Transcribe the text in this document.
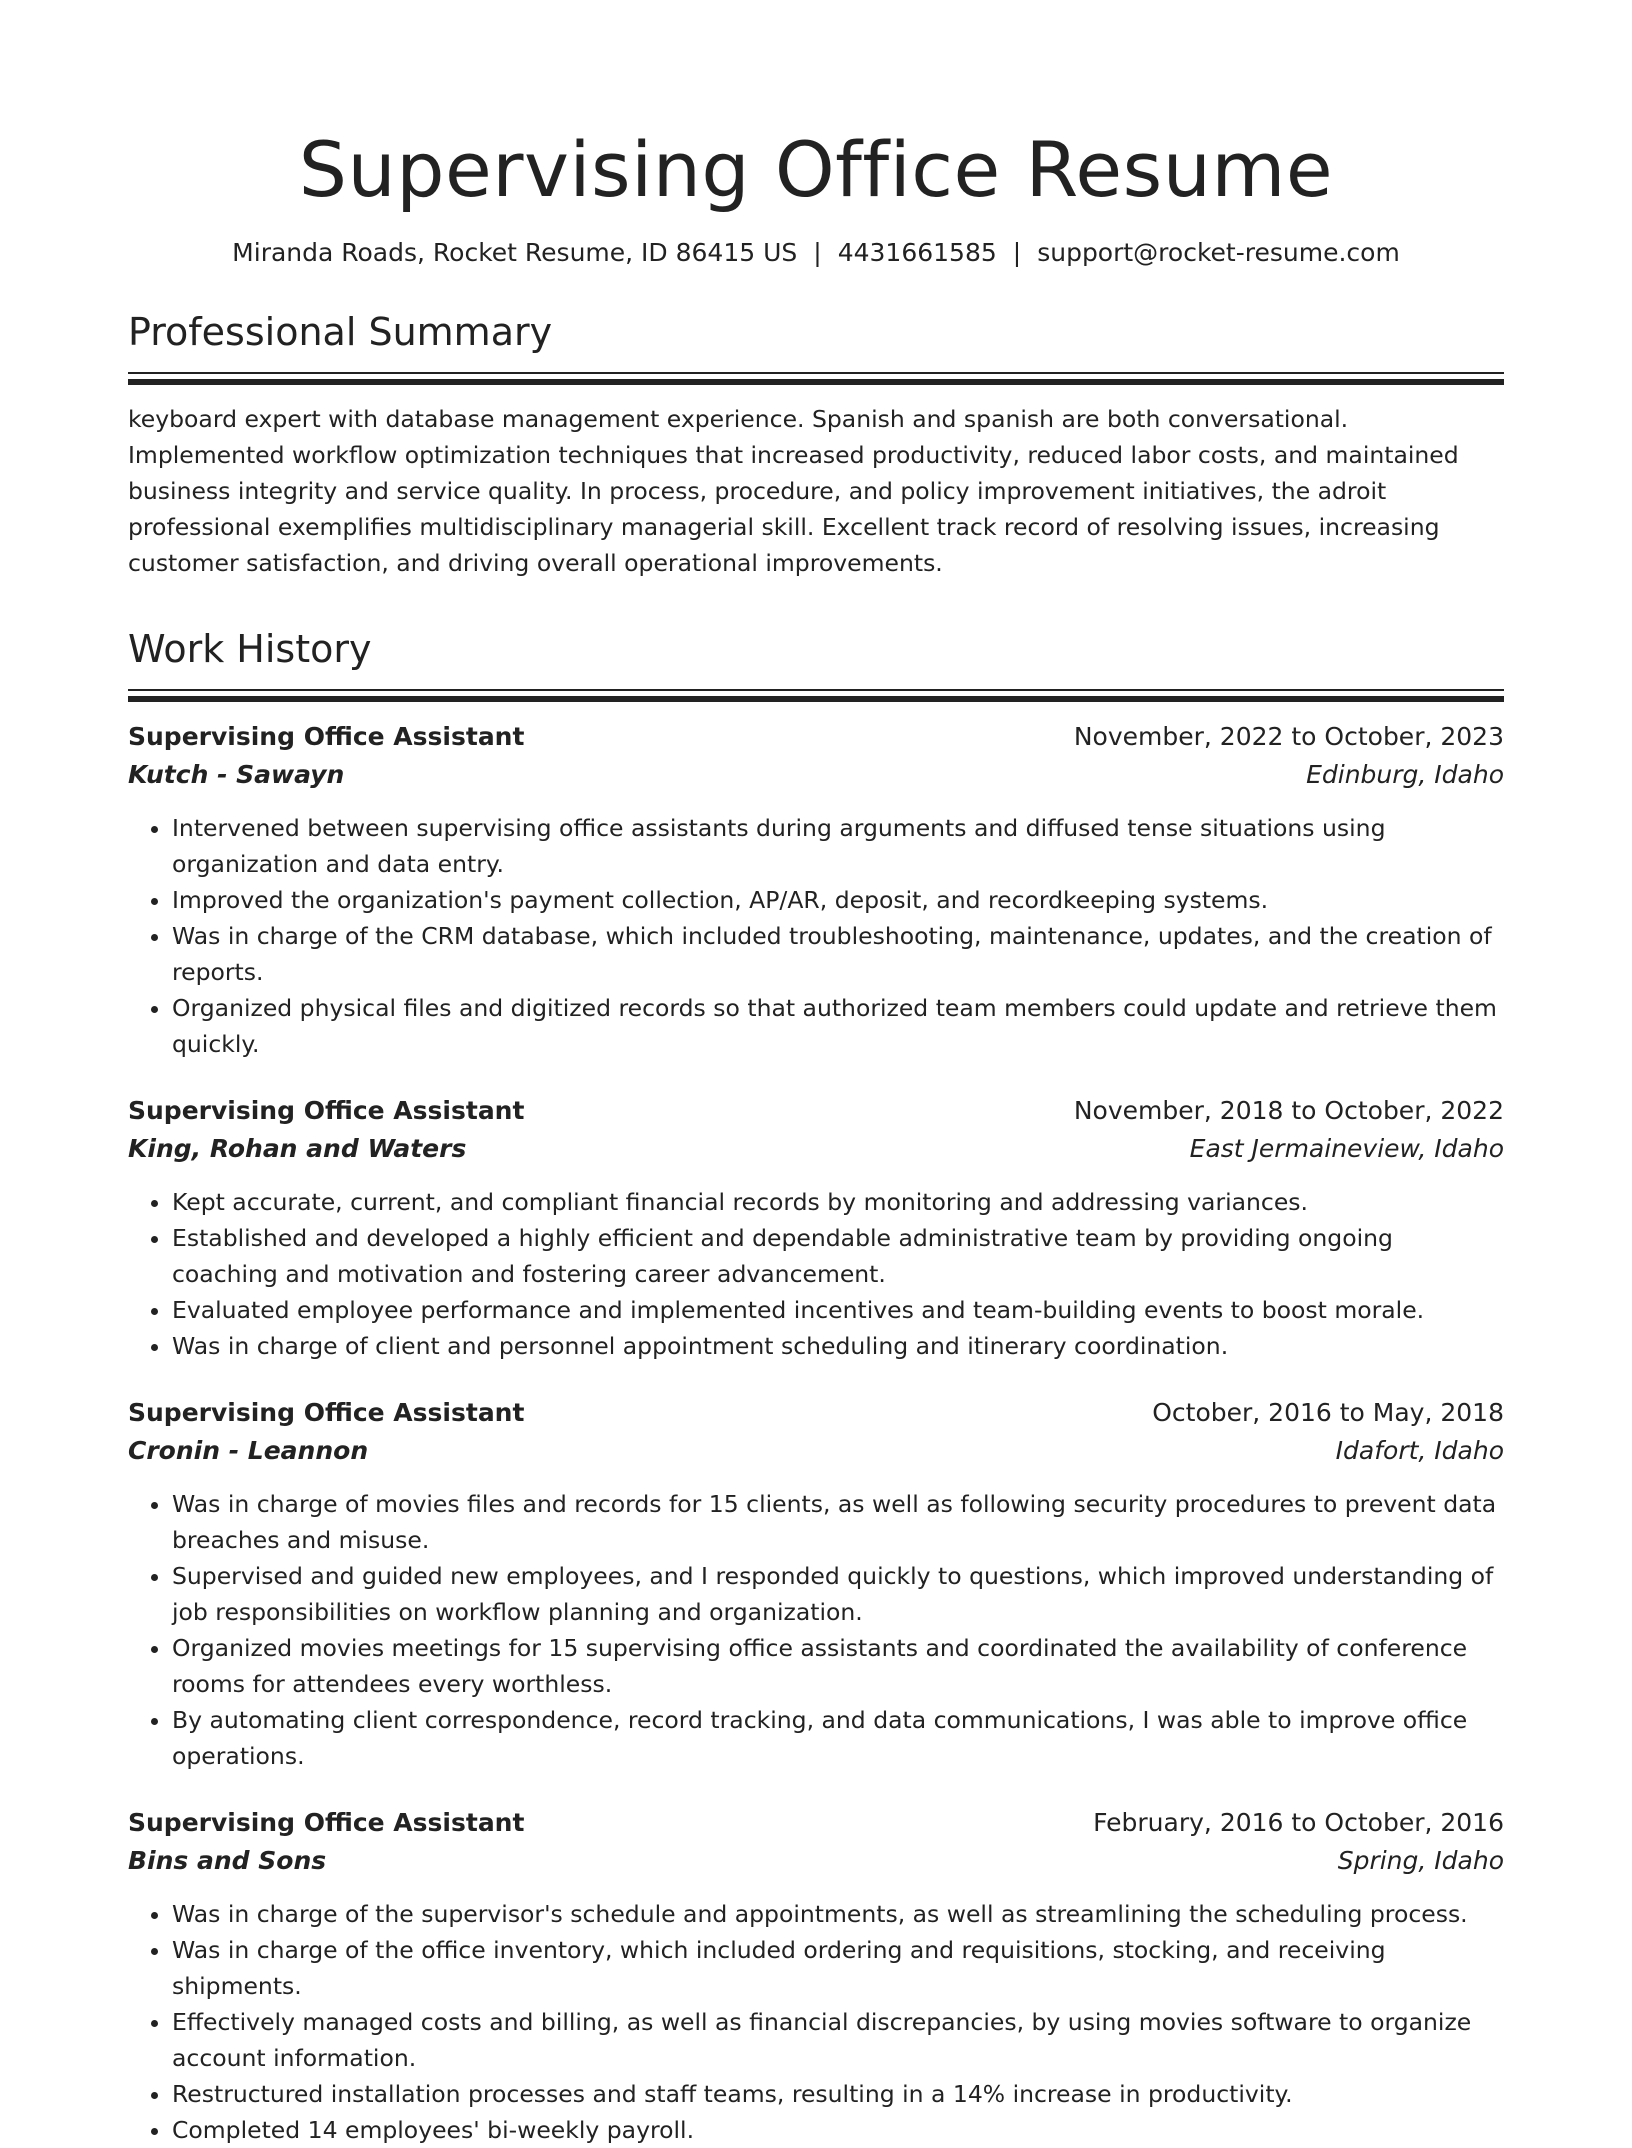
Supervising Office Resume
Miranda Roads, Rocket Resume, ID 86415 US | 4431661585 | support@rocket-resume.com
Professional Summary

keyboard expert with database management experience. Spanish and spanish are both conversational. Implemented workflow optimization techniques that increased productivity, reduced labor costs, and maintained business integrity and service quality. In process, procedure, and policy improvement initiatives, the adroit professional exemplifies multidisciplinary managerial skill. Excellent track record of resolving issues, increasing customer satisfaction, and driving overall operational improvements.

Work History
Supervising Office Assistant	November, 2022 to October, 2023
Kutch - Sawayn	Edinburg, Idaho
• Intervened between supervising office assistants during arguments and diffused tense situations using organization and data entry.
• Improved the organization's payment collection, AP/AR, deposit, and recordkeeping systems.
• Was in charge of the CRM database, which included troubleshooting, maintenance, updates, and the creation of reports.
• Organized physical files and digitized records so that authorized team members could update and retrieve them quickly.
Supervising Office Assistant	November, 2018 to October, 2022
King, Rohan and Waters	East Jermaineview, Idaho
• Kept accurate, current, and compliant financial records by monitoring and addressing variances.
• Established and developed a highly efficient and dependable administrative team by providing ongoing coaching and motivation and fostering career advancement.
• Evaluated employee performance and implemented incentives and team-building events to boost morale.
• Was in charge of client and personnel appointment scheduling and itinerary coordination.
Supervising Office Assistant	October, 2016 to May, 2018
Cronin - Leannon	Idafort, Idaho
• Was in charge of movies files and records for 15 clients, as well as following security procedures to prevent data breaches and misuse.
• Supervised and guided new employees, and I responded quickly to questions, which improved understanding of job responsibilities on workflow planning and organization.
• Organized movies meetings for 15 supervising office assistants and coordinated the availability of conference rooms for attendees every worthless.
• By automating client correspondence, record tracking, and data communications, I was able to improve office operations.
Supervising Office Assistant	February, 2016 to October, 2016
Bins and Sons	Spring, Idaho
• Was in charge of the supervisor's schedule and appointments, as well as streamlining the scheduling process.
• Was in charge of the office inventory, which included ordering and requisitions, stocking, and receiving shipments.
• Effectively managed costs and billing, as well as financial discrepancies, by using movies software to organize account information.
• Restructured installation processes and staff teams, resulting in a 14% increase in productivity.
• Completed 14 employees' bi-weekly payroll.
